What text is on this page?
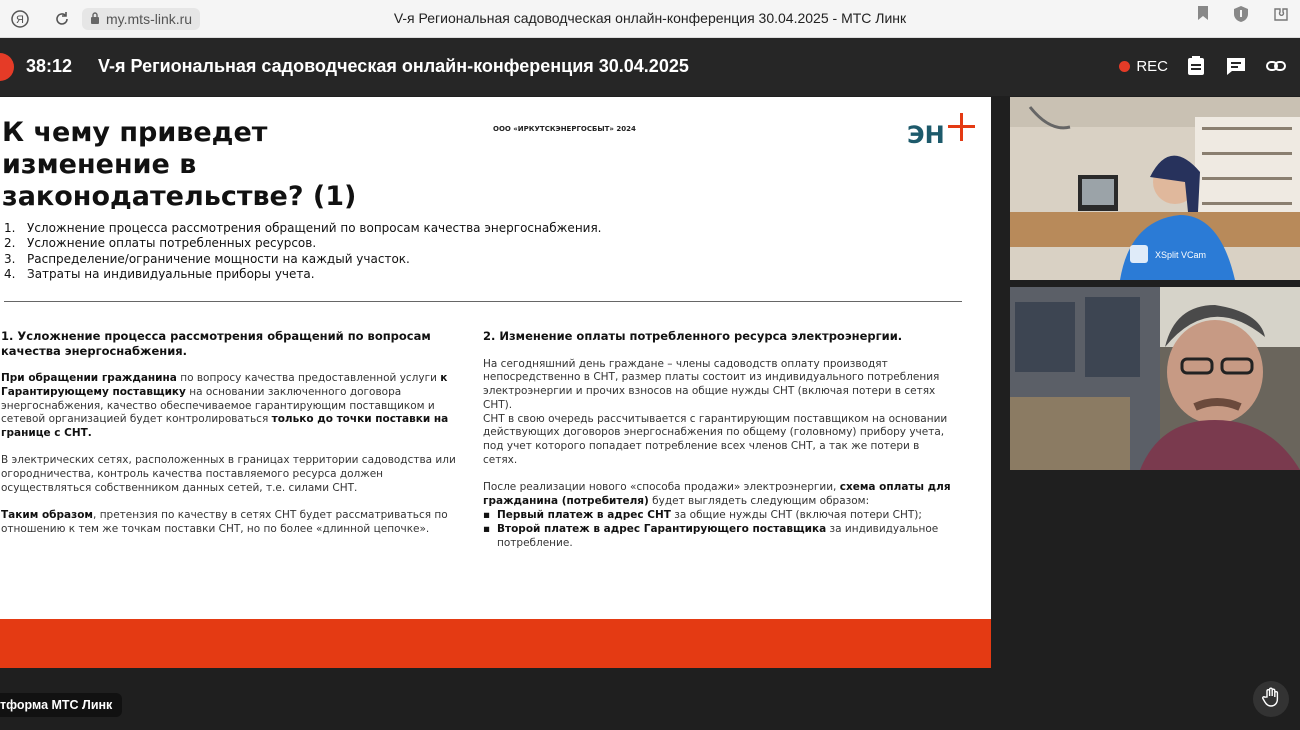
Я	my.mts-link.ru	V-я Региональная садоводческая онлайн-конференция 30.04.2025 - МТС Линк
38:12 V-я Региональная садоводческая онлайн-конференция 30.04.2025	REC
К чему приведет изменение в законодательстве? (1)
ООО «ИРКУТСКЭНЕРГОСБЫТ» 2024	ЭН
1. Усложнение процесса рассмотрения обращений по вопросам качества энергоснабжения.
2. Усложнение оплаты потребленных ресурсов.
3. Распределение/ограничение мощности на каждый участок.
4. Затраты на индивидуальные приборы учета.
1. Усложнение процесса рассмотрения обращений по вопросам качества энергоснабжения.

При обращении гражданина по вопросу качества предоставленной услуги к Гарантирующему поставщику на основании заключенного договора энергоснабжения, качество обеспечиваемое гарантирующим поставщиком и сетевой организацией будет контролироваться только до точки поставки на границе с СНТ.

В электрических сетях, расположенных в границах территории садоводства или огородничества, контроль качества поставляемого ресурса должен осуществляться собственником данных сетей, т.е. силами СНТ.

Таким образом, претензия по качеству в сетях СНТ будет рассматриваться по отношению к тем же точкам поставки СНТ, но по более «длинной цепочке».

2. Изменение оплаты потребленного ресурса электроэнергии.

На сегодняшний день граждане – члены садоводств оплату производят непосредственно в СНТ, размер платы состоит из индивидуального потребления электроэнергии и прочих взносов на общие нужды СНТ (включая потери в сетях СНТ).

СНТ в свою очередь рассчитывается с гарантирующим поставщиком на основании действующих договоров энергоснабжения по общему (головному) прибору учета, под учет которого попадает потребление всех членов СНТ, а так же потери в сетях.

После реализации нового «способа продажи» электроэнергии, схема оплаты для гражданина (потребителя) будет выглядеть следующим образом:

▪ Первый платеж в адрес СНТ за общие нужды СНТ (включая потери СНТ);
▪ Второй платеж в адрес Гарантирующего поставщика за индивидуальное потребление.
XSplit VCam
тформа МТС Линк
